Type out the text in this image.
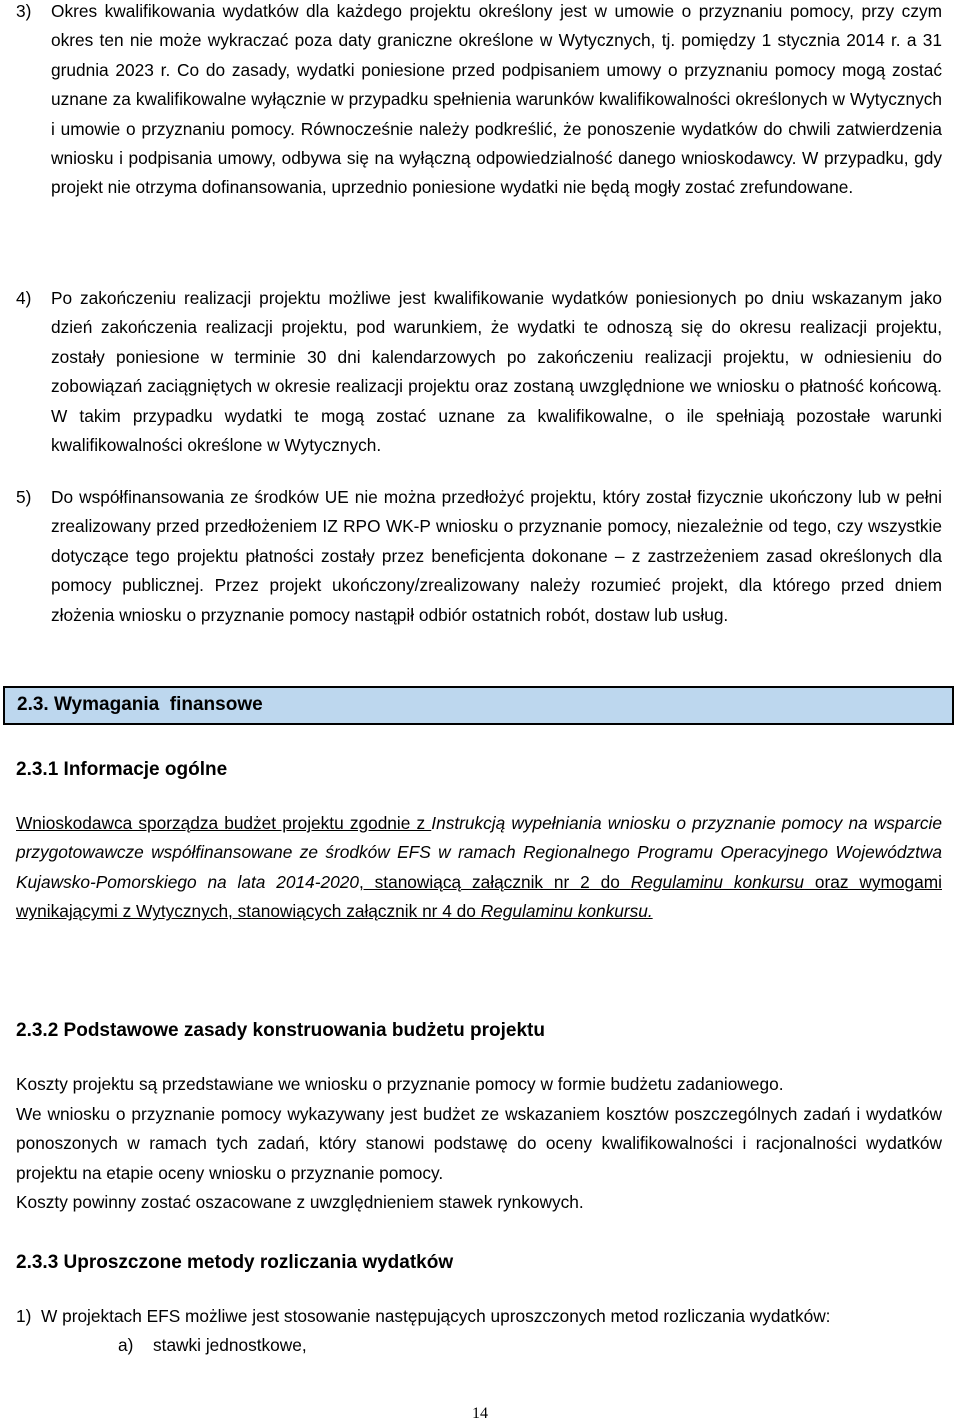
3)	Okres kwalifikowania wydatków dla każdego projektu określony jest w umowie o przyznaniu pomocy, przy czym okres ten nie może wykraczać poza daty graniczne określone w Wytycznych, tj. pomiędzy 1 stycznia 2014 r. a 31 grudnia 2023 r. Co do zasady, wydatki poniesione przed podpisaniem umowy o przyznaniu pomocy mogą zostać uznane za kwalifikowalne wyłącznie w przypadku spełnienia warunków kwalifikowalności określonych w Wytycznych i umowie o przyznaniu pomocy. Równocześnie należy podkreślić, że ponoszenie wydatków do chwili zatwierdzenia wniosku i podpisania umowy, odbywa się na wyłączną odpowiedzialność danego wnioskodawcy. W przypadku, gdy projekt nie otrzyma dofinansowania, uprzednio poniesione wydatki nie będą mogły zostać zrefundowane.

4)	Po zakończeniu realizacji projektu możliwe jest kwalifikowanie wydatków poniesionych po dniu wskazanym jako dzień zakończenia realizacji projektu, pod warunkiem, że wydatki te odnoszą się do okresu realizacji projektu, zostały poniesione w terminie 30 dni kalendarzowych po zakończeniu realizacji projektu, w odniesieniu do zobowiązań zaciągniętych w okresie realizacji projektu oraz zostaną uwzględnione we wniosku o płatność końcową. W takim przypadku wydatki te mogą zostać uznane za kwalifikowalne, o ile spełniają pozostałe warunki kwalifikowalności określone w Wytycznych.

5)	Do współfinansowania ze środków UE nie można przedłożyć projektu, który został fizycznie ukończony lub w pełni zrealizowany przed przedłożeniem IZ RPO WK-P wniosku o przyznanie pomocy, niezależnie od tego, czy wszystkie dotyczące tego projektu płatności zostały przez beneficjenta dokonane – z zastrzeżeniem zasad określonych dla pomocy publicznej. Przez projekt ukończony/zrealizowany należy rozumieć projekt, dla którego przed dniem złożenia wniosku o przyznanie pomocy nastąpił odbiór ostatnich robót, dostaw lub usług.

2.3. Wymagania  finansowe
2.3.1 Informacje ogólne

Wnioskodawca sporządza budżet projektu zgodnie z Instrukcją wypełniania wniosku o przyznanie pomocy na wsparcie przygotowawcze współfinansowane ze środków EFS w ramach Regionalnego Programu Operacyjnego Województwa Kujawsko-Pomorskiego na lata 2014-2020, stanowiącą załącznik nr 2 do Regulaminu konkursu oraz wymogami wynikającymi z Wytycznych, stanowiących załącznik nr 4 do Regulaminu konkursu.

2.3.2 Podstawowe zasady konstruowania budżetu projektu
Koszty projektu są przedstawiane we wniosku o przyznanie pomocy w formie budżetu zadaniowego.

We wniosku o przyznanie pomocy wykazywany jest budżet ze wskazaniem kosztów poszczególnych zadań i wydatków ponoszonych w ramach tych zadań, który stanowi podstawę do oceny kwalifikowalności i racjonalności wydatków projektu na etapie oceny wniosku o przyznanie pomocy.

Koszty powinny zostać oszacowane z uwzględnieniem stawek rynkowych.
2.3.3 Uproszczone metody rozliczania wydatków
1)  W projektach EFS możliwe jest stosowanie następujących uproszczonych metod rozliczania wydatków:
a) stawki jednostkowe,
14
